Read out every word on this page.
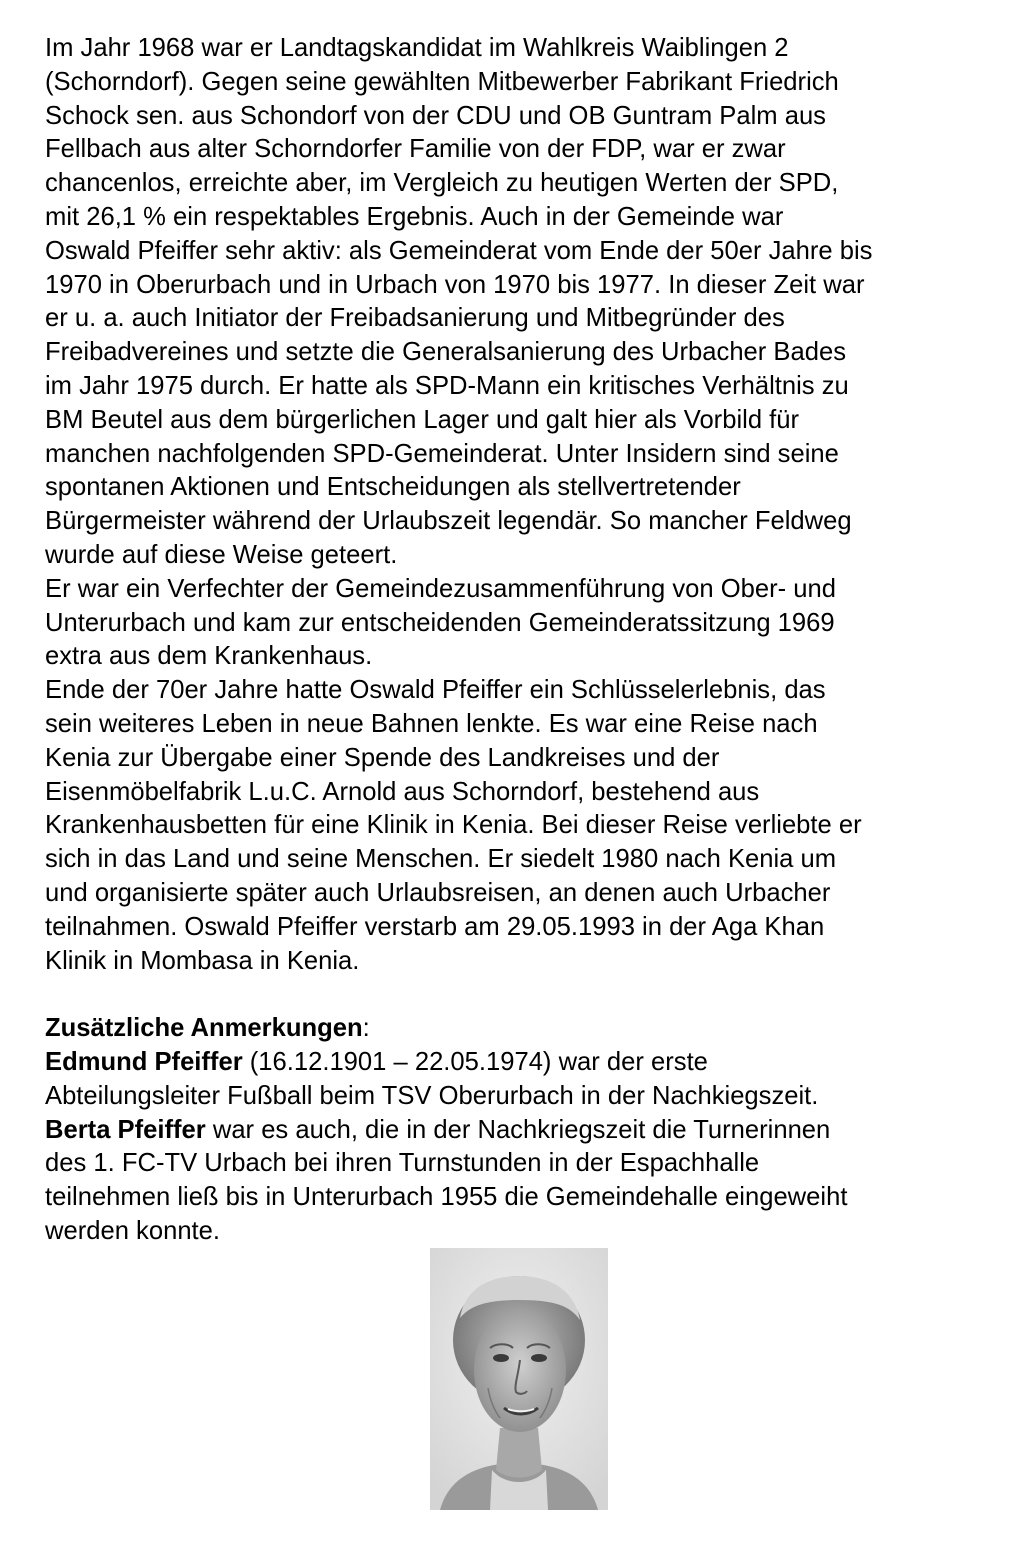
Im Jahr 1968 war er Landtagskandidat im Wahlkreis Waiblingen 2
(Schorndorf). Gegen seine gewählten Mitbewerber Fabrikant Friedrich
Schock sen. aus Schondorf von der CDU und OB Guntram Palm aus
Fellbach aus alter Schorndorfer Familie von der FDP, war er zwar
chancenlos, erreichte aber, im Vergleich zu heutigen Werten der SPD,
mit 26,1 % ein respektables Ergebnis. Auch in der Gemeinde war
Oswald Pfeiffer sehr aktiv: als Gemeinderat vom Ende der 50er Jahre bis
1970 in Oberurbach und in Urbach von 1970 bis 1977. In dieser Zeit war
er u. a. auch Initiator der Freibadsanierung und Mitbegründer des
Freibadvereines und setzte die Generalsanierung des Urbacher Bades
im Jahr 1975 durch. Er hatte als SPD-Mann ein kritisches Verhältnis zu
BM Beutel aus dem bürgerlichen Lager und galt hier als Vorbild für
manchen nachfolgenden SPD-Gemeinderat. Unter Insidern sind seine
spontanen Aktionen und Entscheidungen als stellvertretender
Bürgermeister während der Urlaubszeit legendär. So mancher Feldweg
wurde auf diese Weise geteert.

Er war ein Verfechter der Gemeindezusammenführung von Ober- und
Unterurbach und kam zur entscheidenden Gemeinderatssitzung 1969
extra aus dem Krankenhaus.

Ende der 70er Jahre hatte Oswald Pfeiffer ein Schlüsselerlebnis, das
sein weiteres Leben in neue Bahnen lenkte. Es war eine Reise nach
Kenia zur Übergabe einer Spende des Landkreises und der
Eisenmöbelfabrik L.u.C. Arnold aus Schorndorf, bestehend aus
Krankenhausbetten für eine Klinik in Kenia. Bei dieser Reise verliebte er
sich in das Land und seine Menschen. Er siedelt 1980 nach Kenia um
und organisierte später auch Urlaubsreisen, an denen auch Urbacher
teilnahmen. Oswald Pfeiffer verstarb am 29.05.1993 in der Aga Khan
Klinik in Mombasa in Kenia.

Zusätzliche Anmerkungen:
Edmund Pfeiffer (16.12.1901 – 22.05.1974) war der erste
Abteilungsleiter Fußball beim TSV Oberurbach in der Nachkiegszeit.
Berta Pfeiffer war es auch, die in der Nachkriegszeit die Turnerinnen
des 1. FC-TV Urbach bei ihren Turnstunden in der Espachhalle
teilnehmen ließ bis in Unterurbach 1955 die Gemeindehalle eingeweiht
werden konnte.
